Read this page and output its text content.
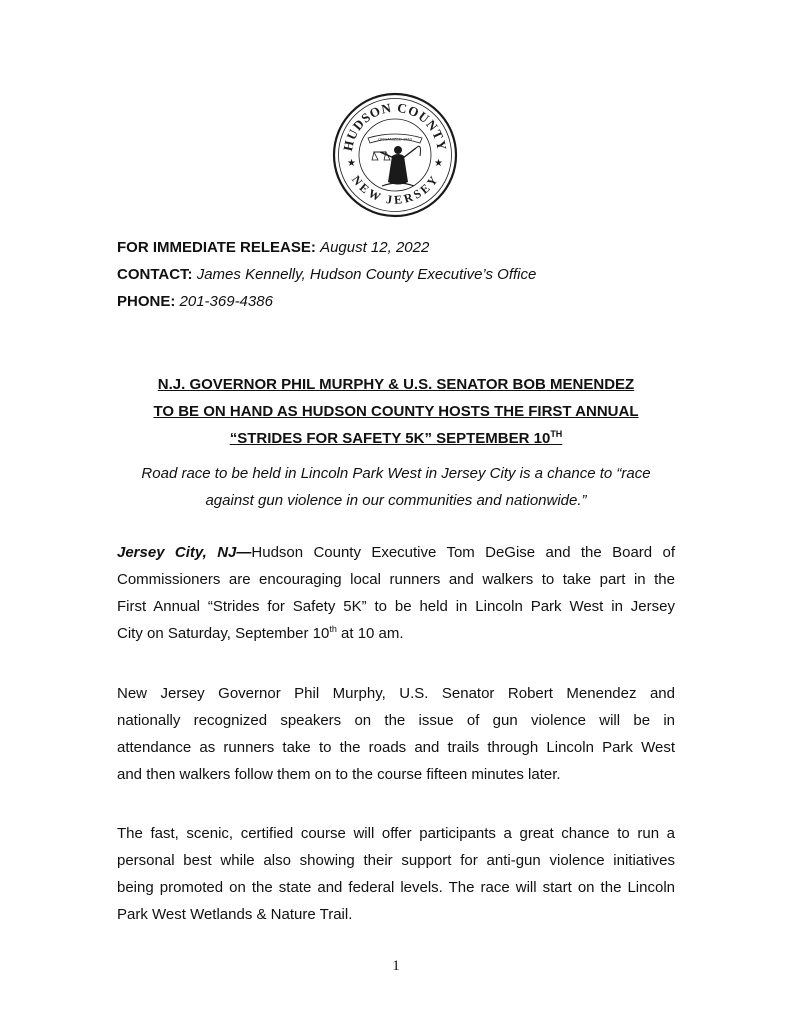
HUDSON COUNTY
NEW JERSEY
★	★
ORGANIZED 1840
FOR IMMEDIATE RELEASE: August 12, 2022
CONTACT: James Kennelly, Hudson County Executive’s Office
PHONE: 201-369-4386
N.J. GOVERNOR PHIL MURPHY & U.S. SENATOR BOB MENENDEZ
TO BE ON HAND AS HUDSON COUNTY HOSTS THE FIRST ANNUAL
“STRIDES FOR SAFETY 5K” SEPTEMBER 10TH
Road race to be held in Lincoln Park West in Jersey City is a chance to “race
against gun violence in our communities and nationwide.”
Jersey City, NJ—Hudson County Executive Tom DeGise and the Board of
Commissioners are encouraging local runners and walkers to take part in the
First Annual “Strides for Safety 5K” to be held in Lincoln Park West in Jersey
City on Saturday, September 10th at 10 am.
New Jersey Governor Phil Murphy, U.S. Senator Robert Menendez and
nationally recognized speakers on the issue of gun violence will be in
attendance as runners take to the roads and trails through Lincoln Park West
and then walkers follow them on to the course fifteen minutes later.
The fast, scenic, certified course will offer participants a great chance to run a
personal best while also showing their support for anti-gun violence initiatives
being promoted on the state and federal levels. The race will start on the Lincoln
Park West Wetlands & Nature Trail.
1
